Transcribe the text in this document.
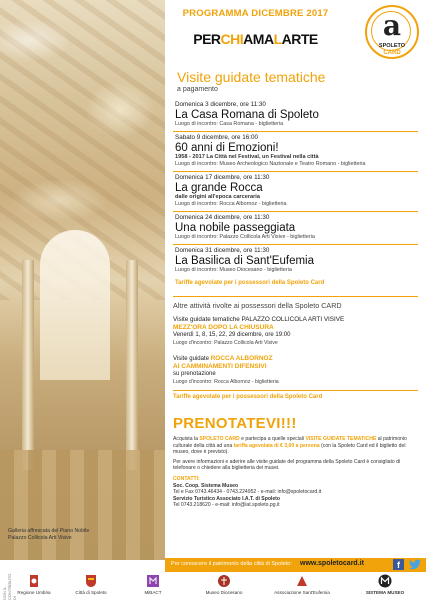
Galleria affrescata del Piano Nobile
Palazzo Collicola Arti Visive
PROGRAMMA DICEMBRE 2017
PERCHIAMALARTE	a
SPOLETO
CARD
Visite guidate tematiche
a pagamento
Domenica 3 dicembre, ore 11:30
La Casa Romana di Spoleto
Luogo di incontro: Casa Romana - biglietteria
Sabato 9 dicembre, ore 16:00
60 anni di Emozioni!
1958 - 2017 La Città nel Festival, un Festival nella città
Luogo di incontro: Museo Archeologico Nazionale e Teatro Romano - biglietteria
Domenica 17 dicembre, ore 11:30
La grande Rocca
dalle origini all'epoca carceraria
Luogo di incontro: Rocca Albornoz - biglietteria
Domenica 24 dicembre, ore 11:30
Una nobile passeggiata
Luogo di incontro: Palazzo Collicola Arti Visive - biglietteria
Domenica 31 dicembre, ore 11:30
La Basilica di Sant'Eufemia
Luogo di incontro: Museo Diocesano - biglietteria
Tariffe agevolate per i possessori della Spoleto Card
Altre attività rivolte ai possessori della Spoleto CARD

Visite guidate tematiche PALAZZO COLLICOLA ARTI VISIVE

MEZZ'ORA DOPO LA CHIUSURA

Venerdì 1, 8, 15, 22, 29 dicembre, ore 19:00

Luogo d'incontro: Palazzo Collicola Arti Visive

Visite guidate ROCCA ALBORNOZ

AI CAMMINAMENTI DIFENSIVI

su prenotazione

Luogo d'incontro: Rocca Albornoz - biglietteria

Tariffe agevolate per i possessori della Spoleto Card

PRENOTATEVI!!!
Acquista la SPOLETO CARD e partecipa a quelle speciali VISITE GUIDATE TEMATICHE al patrimonio culturale della città ad una tariffa agevolata di € 3,00 a persona (con la Spoleto Card ed il biglietto del museo, dove è previsto).
Per avere informazioni e aderire alle visite guidate del programma della Spoleto Card è consigliato di telefonare o chiedere alla biglietteria dei musei.
CONTATTI:
Soc. Coop. Sistema Museo
Tel e Fax 0743.46434 - 0743.224952 - e-mail: info@spoletocard.it
Servizio Turistico Associato I.A.T. di Spoleto
Tel 0743.218620 - e-mail: info@iat.spoleto.pg.it
Per conoscere il patrimonio della città di Spoleto: www.spoletocard.it	f
CON IL CONTRIBUTO DI
Regione Umbria	Città di Spoleto	MiBACT	Museo Diocesano	Associazione Sant'Eufemia	SISTEMA MUSEO
